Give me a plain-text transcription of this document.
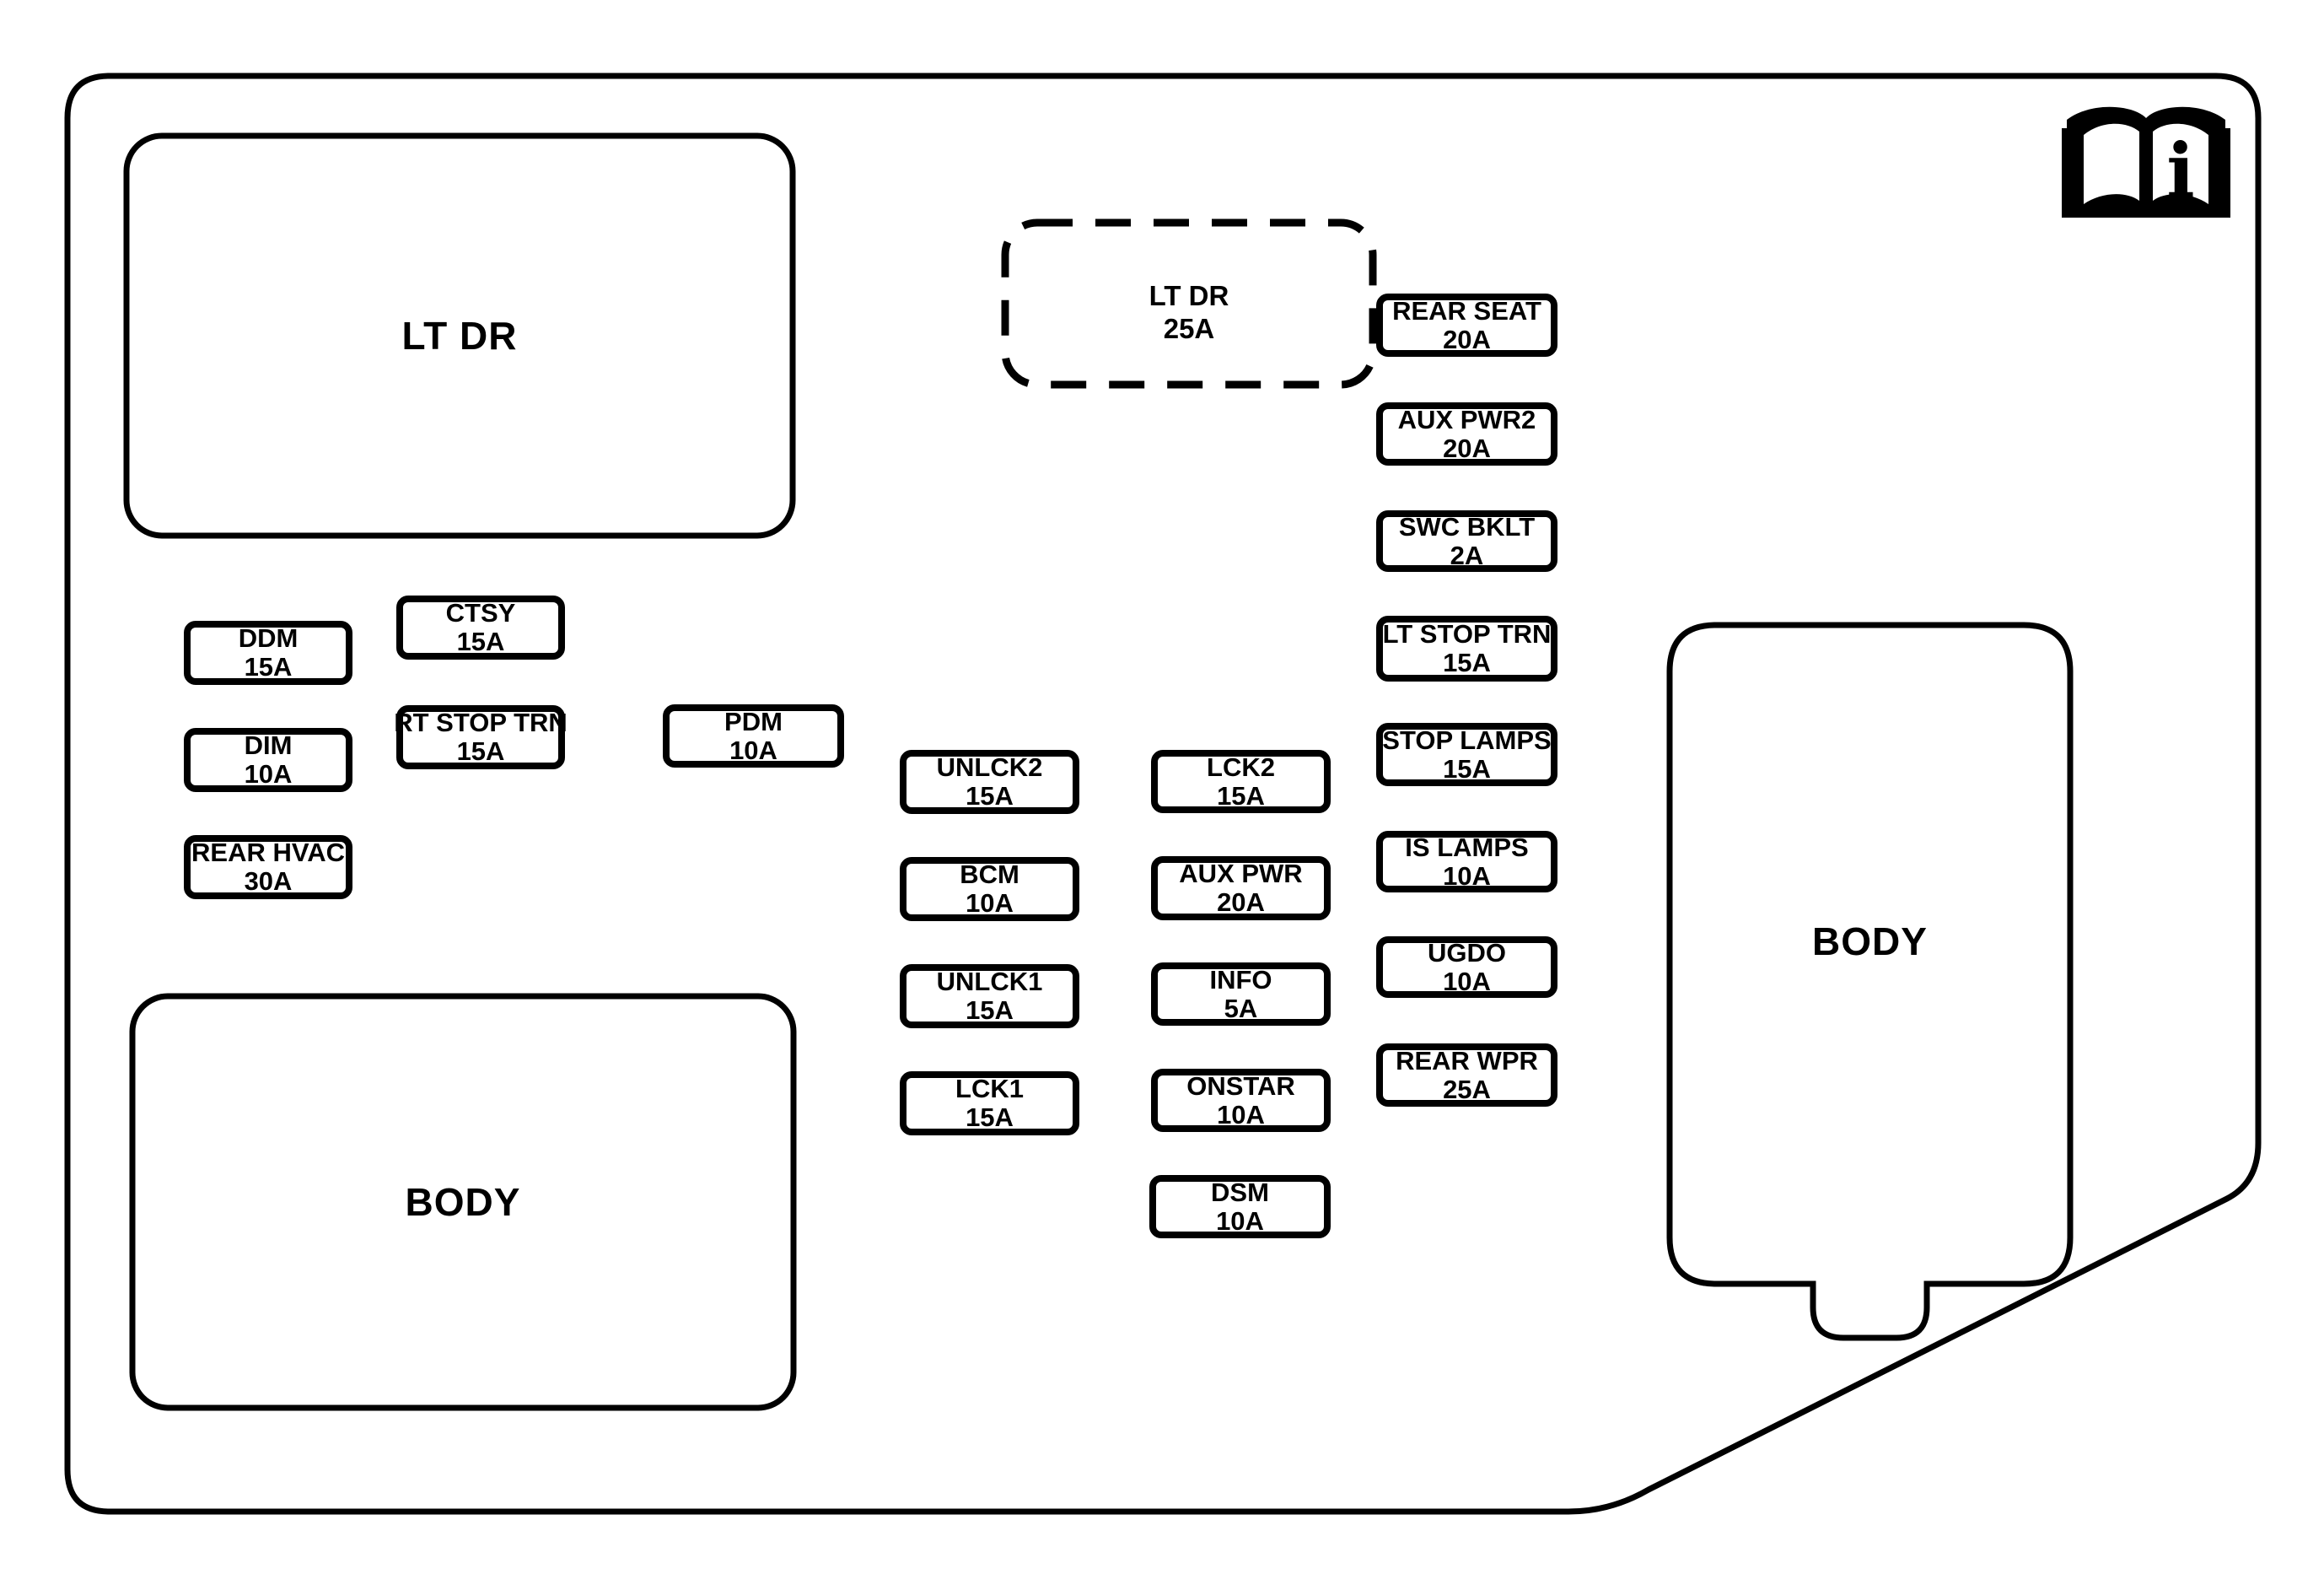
i
LT DR
BODY
BODY
LT DR
25A
DDM
15A
DIM
10A
REAR HVAC
30A
CTSY
15A
RT STOP TRN
15A
PDM
10A
UNLCK2
15A
BCM
10A
UNLCK1
15A
LCK1
15A
LCK2
15A
AUX PWR
20A
INFO
5A
ONSTAR
10A
DSM
10A
REAR SEAT
20A
AUX PWR2
20A
SWC BKLT
2A
LT STOP TRN
15A
STOP LAMPS
15A
IS LAMPS
10A
UGDO
10A
REAR WPR
25A
